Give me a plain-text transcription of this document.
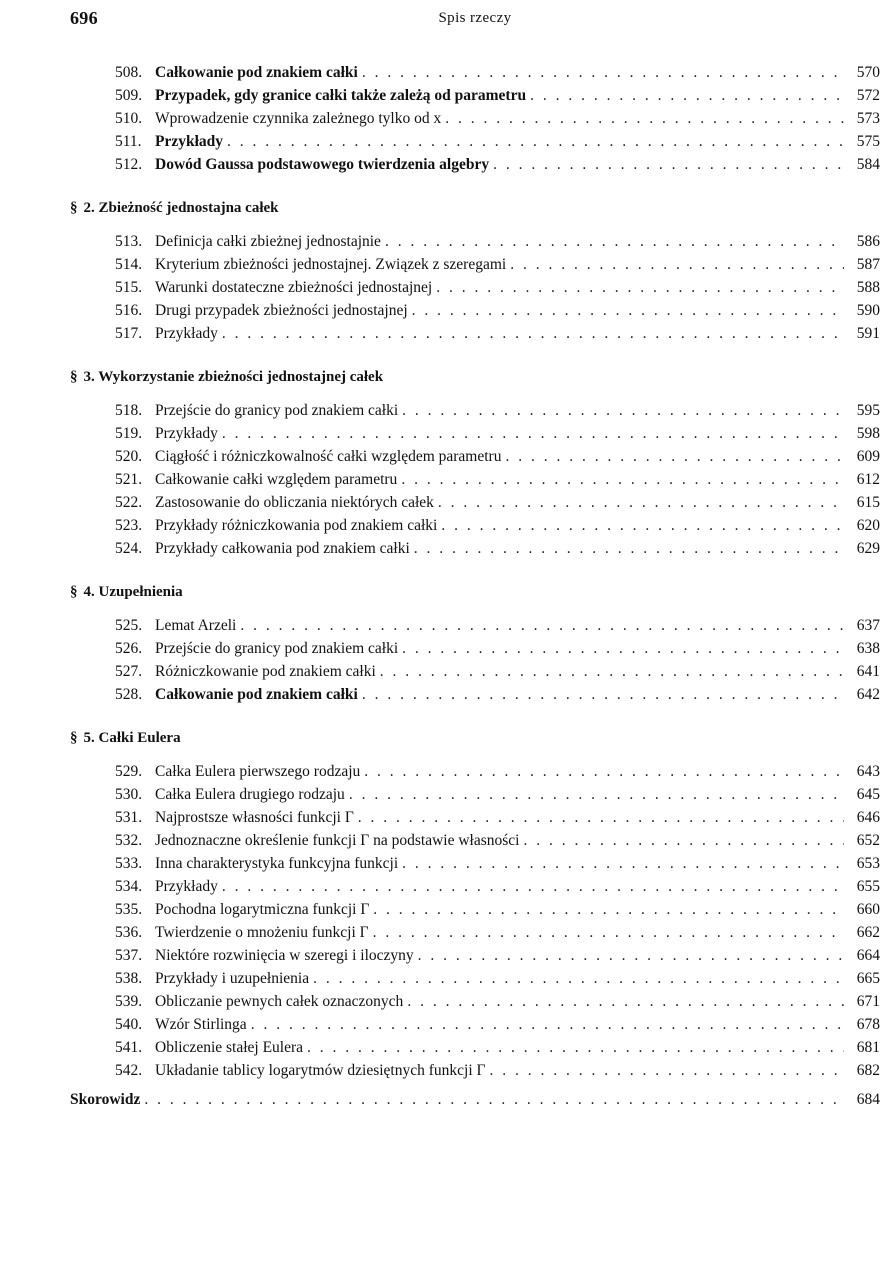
696	Spis rzeczy
508. Całkowanie pod znakiem całki . . .	570
509. Przypadek, gdy granice całki także zależą od parametru . . .	572
510. Wprowadzenie czynnika zależnego tylko od x . . .	573
511. Przykłady . . .	575
512. Dowód Gaussa podstawowego twierdzenia algebry . . .	584
§ 2. Zbieżność jednostajna całek
513. Definicja całki zbieżnej jednostajnie . . .	586
514. Kryterium zbieżności jednostajnej. Związek z szeregami . . .	587
515. Warunki dostateczne zbieżności jednostajnej . . .	588
516. Drugi przypadek zbieżności jednostajnej . . .	590
517. Przykłady . . .	591
§ 3. Wykorzystanie zbieżności jednostajnej całek
518. Przejście do granicy pod znakiem całki . . .	595
519. Przykłady . . .	598
520. Ciągłość i różniczkowalność całki względem parametru . . .	609
521. Całkowanie całki względem parametru . . .	612
522. Zastosowanie do obliczania niektórych całek . . .	615
523. Przykłady różniczkowania pod znakiem całki . . .	620
524. Przykłady całkowania pod znakiem całki . . .	629
§ 4. Uzupełnienia
525. Lemat Arzeli . . .	637
526. Przejście do granicy pod znakiem całki . . .	638
527. Różniczkowanie pod znakiem całki . . .	641
528. Całkowanie pod znakiem całki . . .	642
§ 5. Całki Eulera
529. Całka Eulera pierwszego rodzaju . . .	643
530. Całka Eulera drugiego rodzaju . . .	645
531. Najprostsze własności funkcji Γ . . .	646
532. Jednoznaczne określenie funkcji Γ na podstawie własności . . .	652
533. Inna charakterystyka funkcyjna funkcji . . .	653
534. Przykłady . . .	655
535. Pochodna logarytmiczna funkcji Γ . . .	660
536. Twierdzenie o mnożeniu funkcji Γ . . .	662
537. Niektóre rozwinięcia w szeregi i iloczyny . . .	664
538. Przykłady i uzupełnienia . . .	665
539. Obliczanie pewnych całek oznaczonych . . .	671
540. Wzór Stirlinga . . .	678
541. Obliczenie stałej Eulera . . .	681
542. Układanie tablicy logarytmów dziesiętnych funkcji Γ . . .	682
Skorowidz . . .	684
